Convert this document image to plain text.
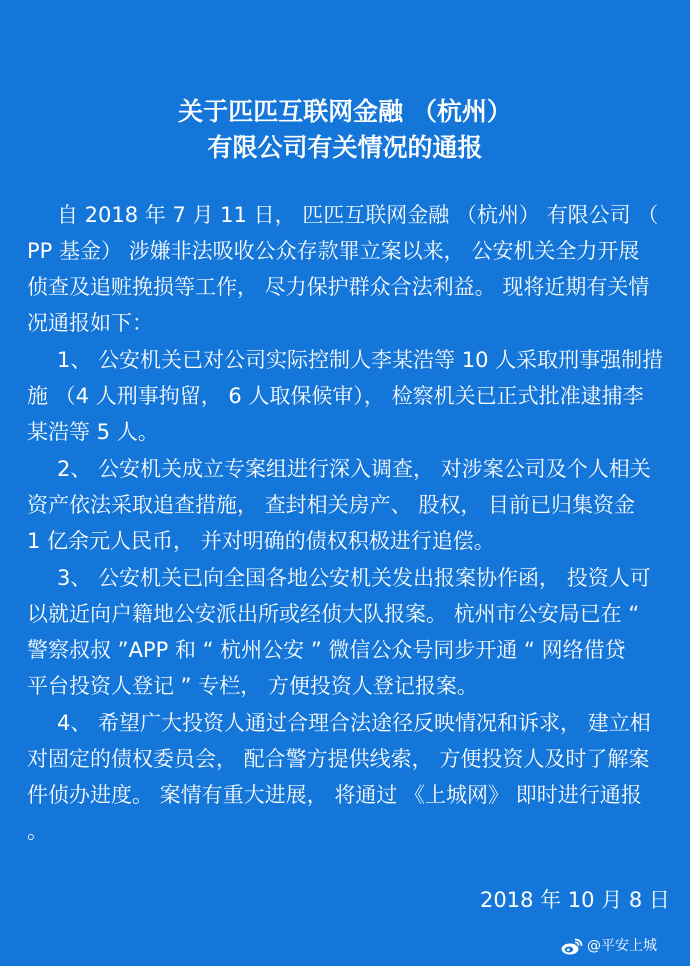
关于匹匹互联网金融 （杭州）
有限公司有关情况的通报
自 2018 年 7 月 11 日， 匹匹互联网金融 （杭州） 有限公司 （
PP 基金） 涉嫌非法吸收公众存款罪立案以来， 公安机关全力开展
侦查及追赃挽损等工作， 尽力保护群众合法利益。 现将近期有关情
况通报如下：
1、 公安机关已对公司实际控制人李某浩等 10 人采取刑事强制措
施 （4 人刑事拘留， 6 人取保候审）， 检察机关已正式批准逮捕李
某浩等 5 人。
2、 公安机关成立专案组进行深入调查， 对涉案公司及个人相关
资产依法采取追查措施， 查封相关房产、 股权， 目前已归集资金
1 亿余元人民币， 并对明确的债权积极进行追偿。
3、 公安机关已向全国各地公安机关发出报案协作函， 投资人可
以就近向户籍地公安派出所或经侦大队报案。 杭州市公安局已在 “
警察叔叔 ”APP 和 “ 杭州公安 ” 微信公众号同步开通 “ 网络借贷
平台投资人登记 ” 专栏， 方便投资人登记报案。
4、 希望广大投资人通过合理合法途径反映情况和诉求， 建立相
对固定的债权委员会， 配合警方提供线索， 方便投资人及时了解案
件侦办进度。 案情有重大进展， 将通过 《上城网》 即时进行通报
。
2018 年 10 月 8 日
@平安上城
